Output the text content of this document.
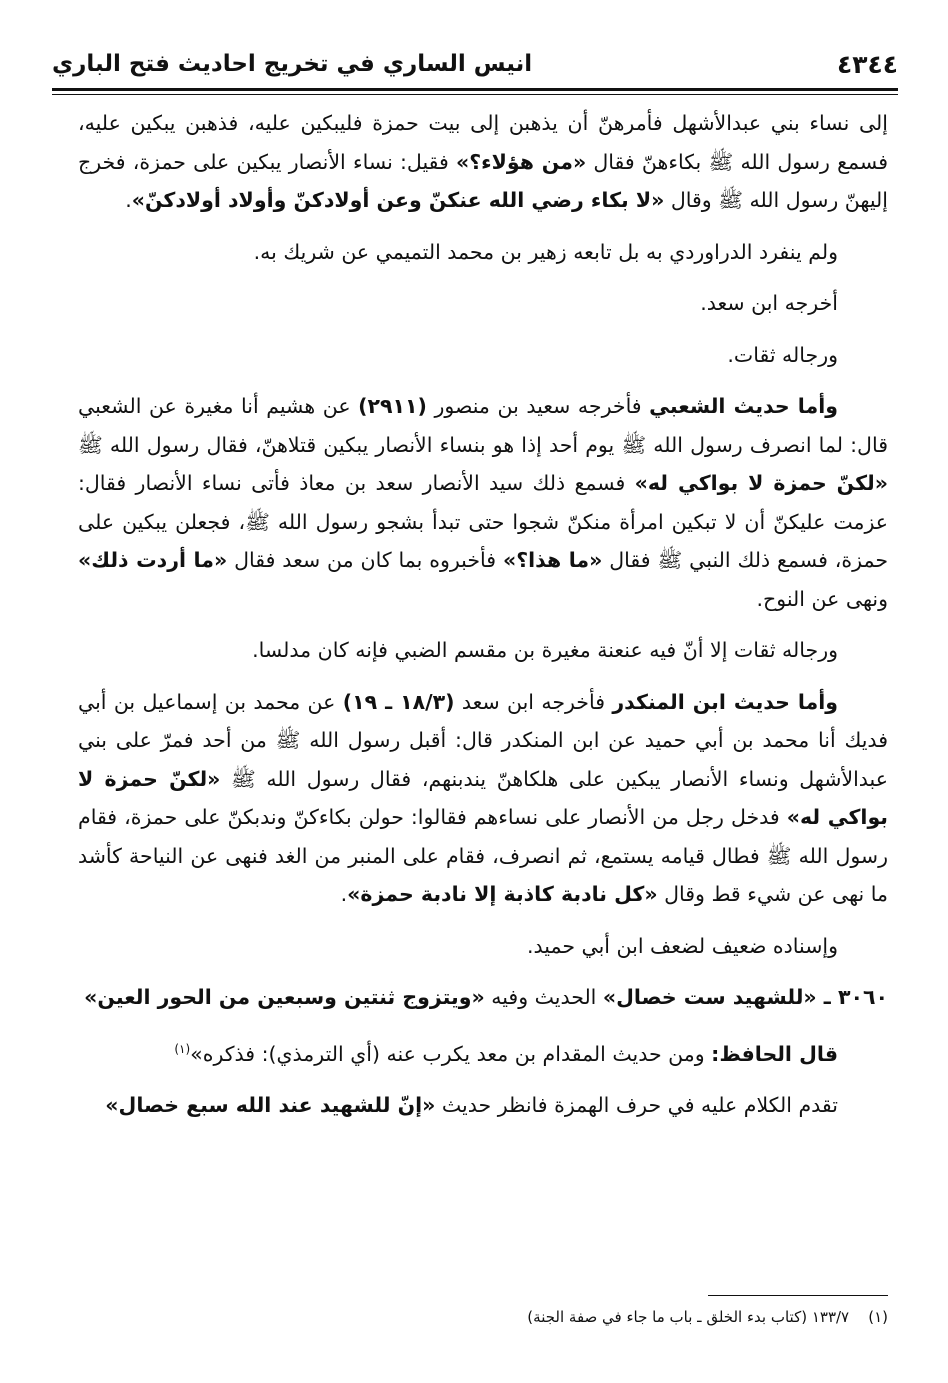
٤٣٤٤
انيس الساري في تخريج احاديث فتح الباري

إلى نساء بني عبدالأشهل فأمرهنّ أن يذهبن إلى بيت حمزة فليبكين عليه، فذهبن يبكين عليه، فسمع رسول الله ﷺ بكاءهنّ فقال «من هؤلاء؟» فقيل: نساء الأنصار يبكين على حمزة، فخرج إليهنّ رسول الله ﷺ وقال «لا بكاء رضي الله عنكنّ وعن أولادكنّ وأولاد أولادكنّ».

ولم ينفرد الدراوردي به بل تابعه زهير بن محمد التميمي عن شريك به.

أخرجه ابن سعد.

ورجاله ثقات.

وأما حديث الشعبي فأخرجه سعيد بن منصور (٢٩١١) عن هشيم أنا مغيرة عن الشعبي قال: لما انصرف رسول الله ﷺ يوم أحد إذا هو بنساء الأنصار يبكين قتلاهنّ، فقال رسول الله ﷺ «لكنّ حمزة لا بواكي له» فسمع ذلك سيد الأنصار سعد بن معاذ فأتى نساء الأنصار فقال: عزمت عليكنّ أن لا تبكين امرأة منكنّ شجوا حتى تبدأ بشجو رسول الله ﷺ، فجعلن يبكين على حمزة، فسمع ذلك النبي ﷺ فقال «ما هذا؟» فأخبروه بما كان من سعد فقال «ما أردت ذلك» ونهى عن النوح.

ورجاله ثقات إلا أنّ فيه عنعنة مغيرة بن مقسم الضبي فإنه كان مدلسا.

وأما حديث ابن المنكدر فأخرجه ابن سعد (١٨/٣ ـ ١٩) عن محمد بن إسماعيل بن أبي فديك أنا محمد بن أبي حميد عن ابن المنكدر قال: أقبل رسول الله ﷺ من أحد فمرّ على بني عبدالأشهل ونساء الأنصار يبكين على هلكاهنّ يندبنهم، فقال رسول الله ﷺ «لكنّ حمزة لا بواكي له» فدخل رجل من الأنصار على نساءهم فقالوا: حولن بكاءكنّ وندبكنّ على حمزة، فقام رسول الله ﷺ فطال قيامه يستمع، ثم انصرف، فقام على المنبر من الغد فنهى عن النياحة كأشد ما نهى عن شيء قط وقال «كل نادبة كاذبة إلا نادبة حمزة».

وإسناده ضعيف لضعف ابن أبي حميد.

٣٠٦٠ ـ «للشهيد ست خصال» الحديث وفيه «ويتزوج ثنتين وسبعين من الحور العين»

قال الحافظ: ومن حديث المقدام بن معد يكرب عنه (أي الترمذي): فذكره»$^{(١)}$

تقدم الكلام عليه في حرف الهمزة فانظر حديث «إنّ للشهيد عند الله سبع خصال»

(١)    ١٣٣/٧ (كتاب بدء الخلق ـ باب ما جاء في صفة الجنة)
